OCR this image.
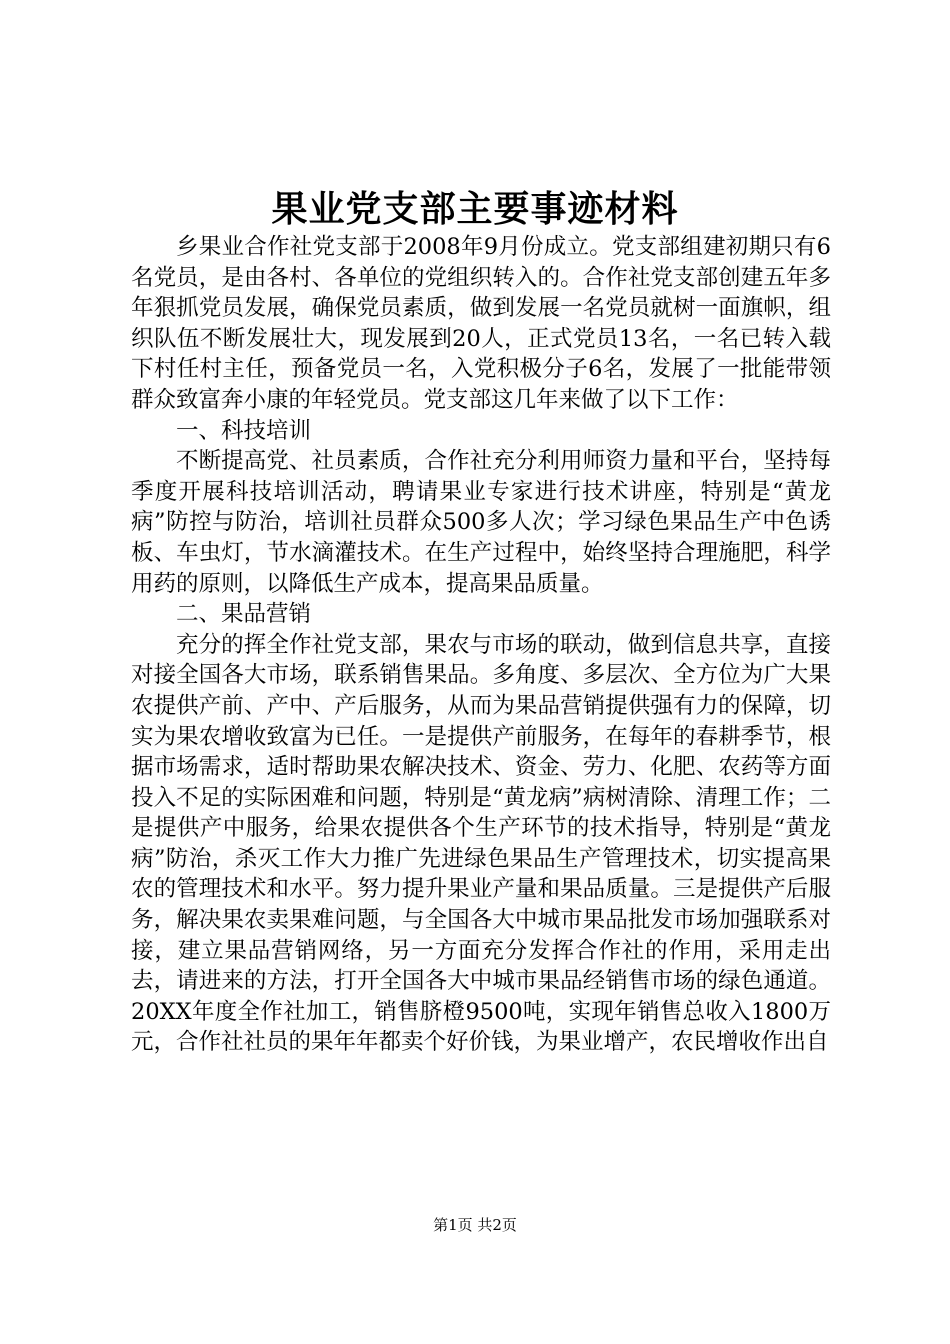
果业党支部主要事迹材料

乡果业合作社党支部于2008年9月份成立。党支部组建初期只有6名党员，是由各村、各单位的党组织转入的。合作社党支部创建五年多年狠抓党员发展，确保党员素质，做到发展一名党员就树一面旗帜，组织队伍不断发展壮大，现发展到20人，正式党员13名，一名已转入载下村任村主任，预备党员一名，入党积极分子6名，发展了一批能带领群众致富奔小康的年轻党员。党支部这几年来做了以下工作：

一、科技培训

不断提高党、社员素质，合作社充分利用师资力量和平台，坚持每季度开展科技培训活动，聘请果业专家进行技术讲座，特别是“黄龙病”防控与防治，培训社员群众500多人次；学习绿色果品生产中色诱板、车虫灯，节水滴灌技术。在生产过程中，始终坚持合理施肥，科学用药的原则，以降低生产成本，提高果品质量。

二、果品营销

充分的挥全作社党支部，果农与市场的联动，做到信息共享，直接对接全国各大市场，联系销售果品。多角度、多层次、全方位为广大果农提供产前、产中、产后服务，从而为果品营销提供强有力的保障，切实为果农增收致富为已任。一是提供产前服务，在每年的春耕季节，根据市场需求，适时帮助果农解决技术、资金、劳力、化肥、农药等方面投入不足的实际困难和问题，特别是“黄龙病”病树清除、清理工作；二是提供产中服务，给果农提供各个生产环节的技术指导，特别是“黄龙病”防治，杀灭工作大力推广先进绿色果品生产管理技术，切实提高果农的管理技术和水平。努力提升果业产量和果品质量。三是提供产后服务，解决果农卖果难问题，与全国各大中城市果品批发市场加强联系对接，建立果品营销网络，另一方面充分发挥合作社的作用，采用走出去，请进来的方法，打开全国各大中城市果品经销售市场的绿色通道。20XX年度全作社加工，销售脐橙9500吨，实现年销售总收入1800万元，合作社社员的果年年都卖个好价钱，为果业增产，农民增收作出自

第1页 共2页
